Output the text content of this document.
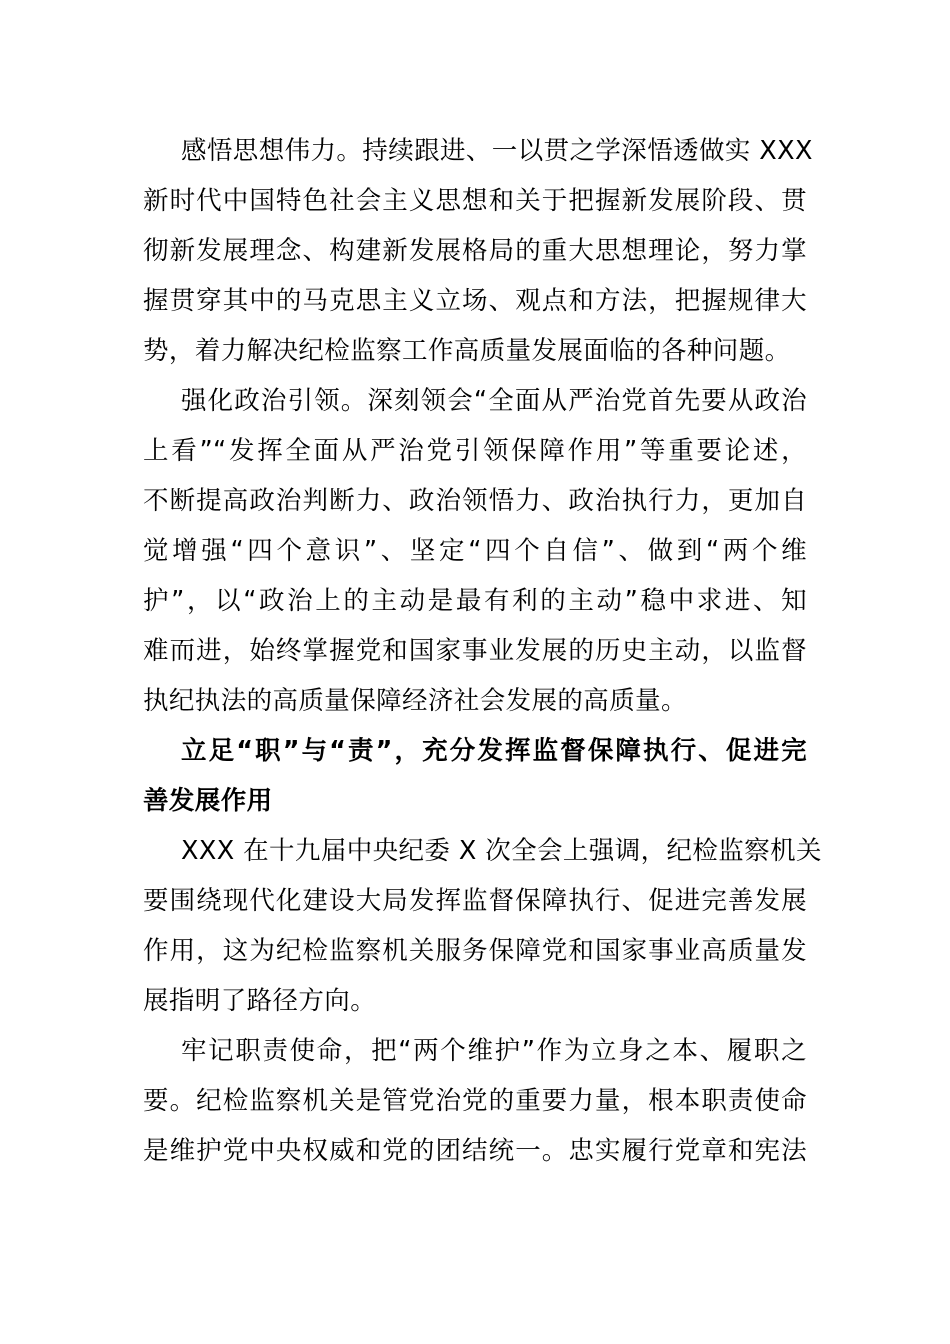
感悟思想伟力。持续跟进、一以贯之学深悟透做实 XXX
新时代中国特色社会主义思想和关于把握新发展阶段、贯
彻新发展理念、构建新发展格局的重大思想理论，努力掌
握贯穿其中的马克思主义立场、观点和方法，把握规律大
势，着力解决纪检监察工作高质量发展面临的各种问题。
强化政治引领。深刻领会“全面从严治党首先要从政治
上看”“发挥全面从严治党引领保障作用”等重要论述，
不断提高政治判断力、政治领悟力、政治执行力，更加自
觉增强“四个意识”、坚定“四个自信”、做到“两个维
护”，以“政治上的主动是最有利的主动”稳中求进、知
难而进，始终掌握党和国家事业发展的历史主动，以监督
执纪执法的高质量保障经济社会发展的高质量。
立足“职”与“责”，充分发挥监督保障执行、促进完
善发展作用
XXX 在十九届中央纪委 X 次全会上强调，纪检监察机关
要围绕现代化建设大局发挥监督保障执行、促进完善发展
作用，这为纪检监察机关服务保障党和国家事业高质量发
展指明了路径方向。
牢记职责使命，把“两个维护”作为立身之本、履职之
要。纪检监察机关是管党治党的重要力量，根本职责使命
是维护党中央权威和党的团结统一。忠实履行党章和宪法
